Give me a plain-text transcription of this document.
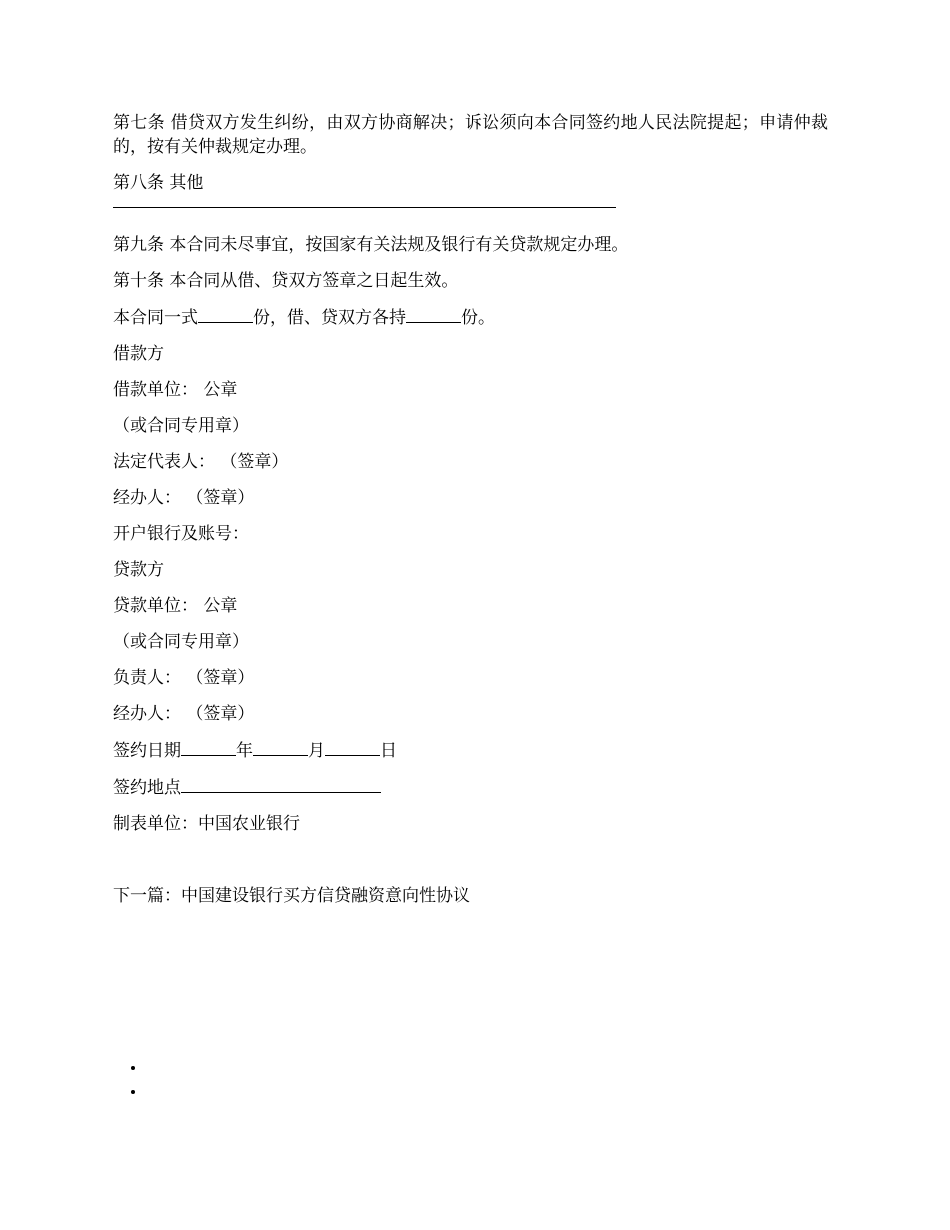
第七条 借贷双方发生纠纷，由双方协商解决；诉讼须向本合同签约地人民法院提起；申请仲裁的，按有关仲裁规定办理。

第八条 其他

第九条 本合同未尽事宜，按国家有关法规及银行有关贷款规定办理。

第十条 本合同从借、贷双方签章之日起生效。

本合同一式	份，借、贷双方各持	份。

借款方

借款单位： 公章

（或合同专用章）

法定代表人： （签章）

经办人： （签章）

开户银行及账号：

贷款方

贷款单位： 公章

（或合同专用章）

负责人： （签章）

经办人： （签章）

签约日期	年	月	日

签约地点

制表单位：中国农业银行

下一篇：中国建设银行买方信贷融资意向性协议
